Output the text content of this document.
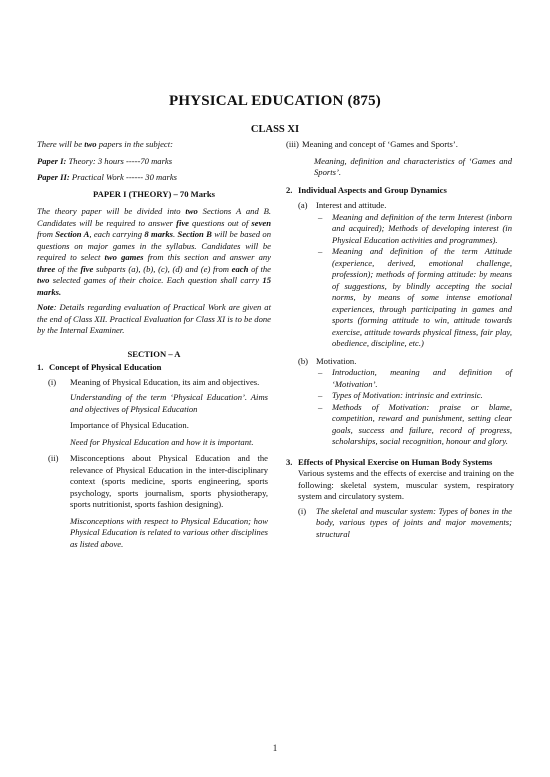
PHYSICAL EDUCATION (875)
CLASS XI

There will be two papers in the subject:

Paper I: Theory: 3 hours -----70 marks

Paper II: Practical Work ------ 30 marks

PAPER I (THEORY) – 70 Marks

The theory paper will be divided into two Sections A and B. Candidates will be required to answer five questions out of seven from Section A, each carrying 8 marks. Section B will be based on questions on major games in the syllabus. Candidates will be required to select two games from this section and answer any three of the five subparts (a), (b), (c), (d) and (e) from each of the two selected games of their choice. Each question shall carry 15 marks.

Note: Details regarding evaluation of Practical Work are given at the end of Class XII. Practical Evaluation for Class XI is to be done by the Internal Examiner.

SECTION – A

1. Concept of Physical Education
(i)	Meaning of Physical Education, its aim and objectives.

Understanding of the term ‘Physical Education’. Aims and objectives of Physical Education

Importance of Physical Education.

Need for Physical Education and how it is important.

(ii)	Misconceptions about Physical Education and the relevance of Physical Education in the inter-disciplinary context (sports medicine, sports engineering, sports psychology, sports journalism, sports physiotherapy, sports nutritionist, sports fashion designing).

Misconceptions with respect to Physical Education; how Physical Education is related to various other disciplines as listed above.

(iii) Meaning and concept of ‘Games and Sports’.

Meaning, definition and characteristics of ‘Games and Sports’.

2. Individual Aspects and Group Dynamics
(a) Interest and attitude.

–	Meaning and definition of the term Interest (inborn and acquired); Methods of developing interest (in Physical Education activities and programmes).

–	Meaning and definition of the term Attitude (experience, derived, emotional challenge, profession); methods of forming attitude: by means of suggestions, by blindly accepting the social norms, by means of some intense emotional experiences, through participating in games and sports (forming attitude to win, attitude towards exercise, attitude towards physical fitness, fair play, obedience, discipline, etc.)

(b) Motivation.

–	Introduction, meaning and definition of ‘Motivation’.

–	Types of Motivation: intrinsic and extrinsic.

–	Methods of Motivation: praise or blame, competition, reward and punishment, setting clear goals, success and failure, record of progress, scholarships, social recognition, honour and glory.

3. Effects of Physical Exercise on Human Body Systems

Various systems and the effects of exercise and training on the following: skeletal system, muscular system, respiratory system and circulatory system.

(i)	The skeletal and muscular system: Types of bones in the body, various types of joints and major movements; structural

1
